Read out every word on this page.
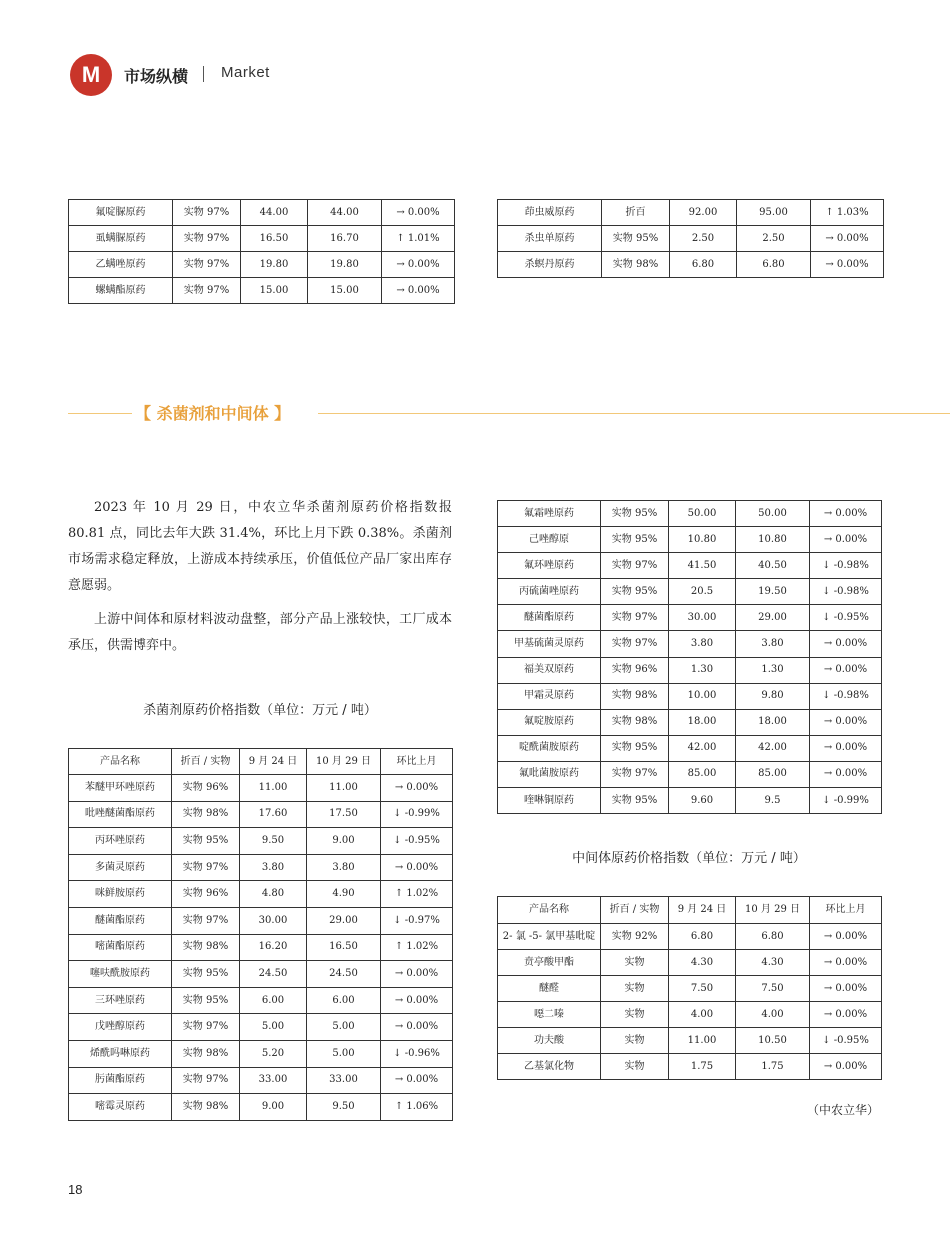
M	市场纵横 Market
氟啶脲原药	实物 97%	44.00	44.00	→ 0.00%
虱螨脲原药	实物 97%	16.50	16.70	↑ 1.01%
乙螨唑原药	实物 97%	19.80	19.80	→ 0.00%
螺螨酯原药	实物 97%	15.00	15.00	→ 0.00%
茚虫威原药	折百	92.00	95.00	↑ 1.03%
杀虫单原药	实物 95%	2.50	2.50	→ 0.00%
杀螟丹原药	实物 98%	6.80	6.80	→ 0.00%
【 杀菌剂和中间体 】

2023 年 10 月 29 日，中农立华杀菌剂原药价格指数报 80.81 点，同比去年大跌 31.4%，环比上月下跌 0.38%。杀菌剂市场需求稳定释放，上游成本持续承压，价值低位产品厂家出库存意愿弱。

上游中间体和原材料波动盘整，部分产品上涨较快，工厂成本承压，供需博弈中。

杀菌剂原药价格指数（单位：万元 / 吨）
产品名称	折百 / 实物	9 月 24 日	10 月 29 日	环比上月
苯醚甲环唑原药	实物 96%	11.00	11.00	→ 0.00%
吡唑醚菌酯原药	实物 98%	17.60	17.50	↓ -0.99%
丙环唑原药	实物 95%	9.50	9.00	↓ -0.95%
多菌灵原药	实物 97%	3.80	3.80	→ 0.00%
咪鲜胺原药	实物 96%	4.80	4.90	↑ 1.02%
醚菌酯原药	实物 97%	30.00	29.00	↓ -0.97%
嘧菌酯原药	实物 98%	16.20	16.50	↑ 1.02%
噻呋酰胺原药	实物 95%	24.50	24.50	→ 0.00%
三环唑原药	实物 95%	6.00	6.00	→ 0.00%
戊唑醇原药	实物 97%	5.00	5.00	→ 0.00%
烯酰吗啉原药	实物 98%	5.20	5.00	↓ -0.96%
肟菌酯原药	实物 97%	33.00	33.00	→ 0.00%
嘧霉灵原药	实物 98%	9.00	9.50	↑ 1.06%
氟霜唑原药	实物 95%	50.00	50.00	→ 0.00%
己唑醇原	实物 95%	10.80	10.80	→ 0.00%
氟环唑原药	实物 97%	41.50	40.50	↓ -0.98%
丙硫菌唑原药	实物 95%	20.5	19.50	↓ -0.98%
醚菌酯原药	实物 97%	30.00	29.00	↓ -0.95%
甲基硫菌灵原药	实物 97%	3.80	3.80	→ 0.00%
福美双原药	实物 96%	1.30	1.30	→ 0.00%
甲霜灵原药	实物 98%	10.00	9.80	↓ -0.98%
氟啶胺原药	实物 98%	18.00	18.00	→ 0.00%
啶酰菌胺原药	实物 95%	42.00	42.00	→ 0.00%
氟吡菌胺原药	实物 97%	85.00	85.00	→ 0.00%
喹啉铜原药	实物 95%	9.60	9.5	↓ -0.99%
中间体原药价格指数（单位：万元 / 吨）
产品名称	折百 / 实物	9 月 24 日	10 月 29 日	环比上月
2- 氯 -5- 氯甲基吡啶	实物 92%	6.80	6.80	→ 0.00%
贲亭酸甲酯	实物	4.30	4.30	→ 0.00%
醚醛	实物	7.50	7.50	→ 0.00%
噁二嗪	实物	4.00	4.00	→ 0.00%
功夫酸	实物	11.00	10.50	↓ -0.95%
乙基氯化物	实物	1.75	1.75	→ 0.00%
（中农立华）
18
